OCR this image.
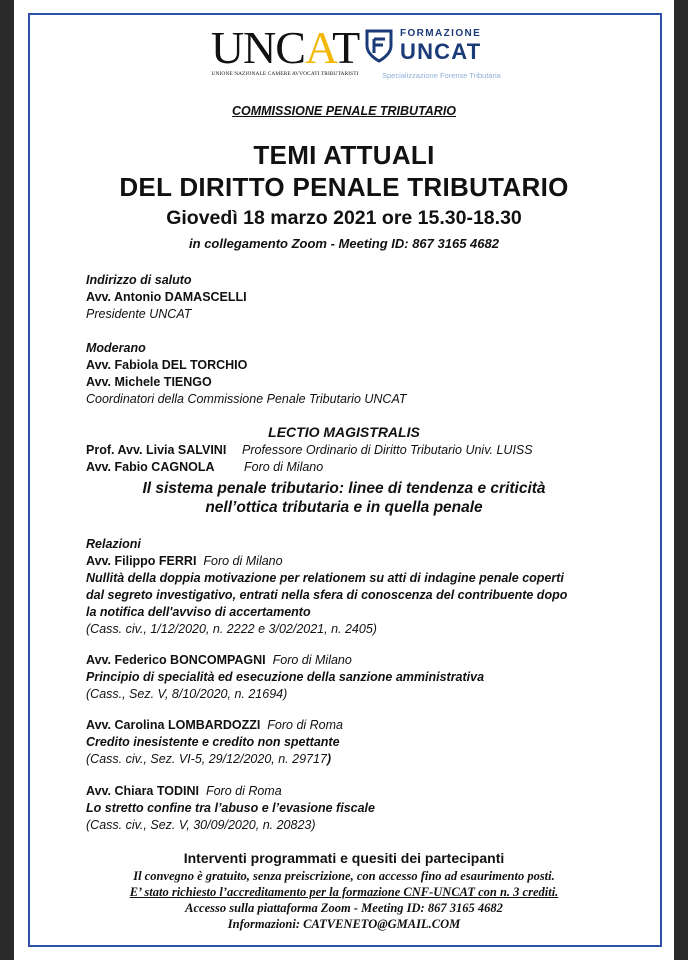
UNCAT
UNIONE NAZIONALE CAMERE AVVOCATI TRIBUTARISTI
FORMAZIONE
UNCAT
Specializzazione Forense Tributaria
COMMISSIONE PENALE TRIBUTARIO
TEMI ATTUALI
DEL DIRITTO PENALE TRIBUTARIO
Giovedì 18 marzo 2021 ore 15.30-18.30
in collegamento Zoom - Meeting ID: 867 3165 4682
Indirizzo di saluto
Avv. Antonio DAMASCELLI
Presidente UNCAT
Moderano
Avv. Fabiola DEL TORCHIO
Avv. Michele TIENGO
Coordinatori della Commissione Penale Tributario UNCAT
LECTIO MAGISTRALIS
Prof. Avv. Livia SALVINI Professore Ordinario di Diritto Tributario Univ. LUISS
Avv. Fabio CAGNOLA Foro di Milano
Il sistema penale tributario: linee di tendenza e criticità
nell’ottica tributaria e in quella penale
Relazioni
Avv. Filippo FERRI Foro di Milano
Nullità della doppia motivazione per relationem su atti di indagine penale coperti
dal segreto investigativo, entrati nella sfera di conoscenza del contribuente dopo
la notifica dell'avviso di accertamento
(Cass. civ., 1/12/2020, n. 2222 e 3/02/2021, n. 2405)
Avv. Federico BONCOMPAGNI Foro di Milano
Principio di specialità ed esecuzione della sanzione amministrativa
(Cass., Sez. V, 8/10/2020, n. 21694)
Avv. Carolina LOMBARDOZZI Foro di Roma
Credito inesistente e credito non spettante
(Cass. civ., Sez. VI-5, 29/12/2020, n. 29717)
Avv. Chiara TODINI Foro di Roma
Lo stretto confine tra l’abuso e l’evasione fiscale
(Cass. civ., Sez. V, 30/09/2020, n. 20823)
Interventi programmati e quesiti dei partecipanti
Il convegno è gratuito, senza preiscrizione, con accesso fino ad esaurimento posti.
E’ stato richiesto l’accreditamento per la formazione CNF-UNCAT con n. 3 crediti.
Accesso sulla piattaforma Zoom - Meeting ID: 867 3165 4682
Informazioni: CATVENETO@GMAIL.COM
